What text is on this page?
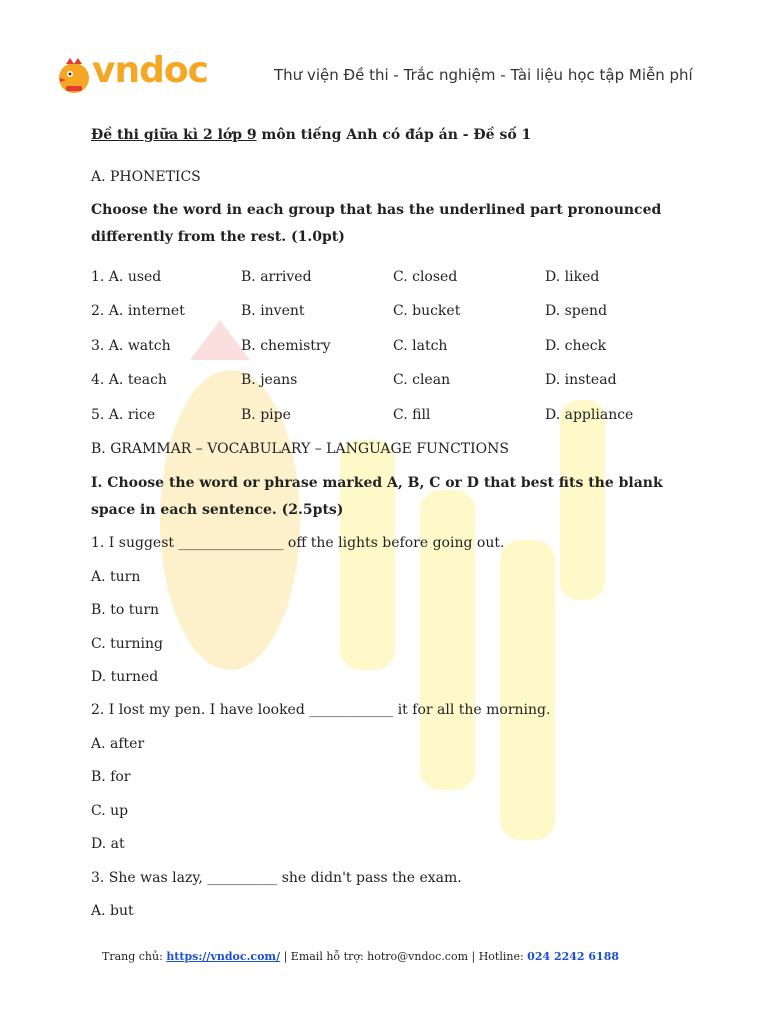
vndoc	Thư viện Đề thi - Trắc nghiệm - Tài liệu học tập Miễn phí
Đề thi giữa kì 2 lớp 9 môn tiếng Anh có đáp án - Đề số 1
A. PHONETICS
Choose the word in each group that has the underlined part pronounced differently from the rest. (1.0pt)
1. A. used	B. arrived	C. closed	D. liked
2. A. internet	B. invent	C. bucket	D. spend
3. A. watch	B. chemistry	C. latch	D. check
4. A. teach	B. jeans	C. clean	D. instead
5. A. rice	B. pipe	C. fill	D. appliance
B. GRAMMAR – VOCABULARY – LANGUAGE FUNCTIONS
I. Choose the word or phrase marked A, B, C or D that best fits the blank space in each sentence. (2.5pts)
1. I suggest _______________ off the lights before going out.
A. turn
B. to turn
C. turning
D. turned
2. I lost my pen. I have looked ____________ it for all the morning.
A. after
B. for
C. up
D. at
3. She was lazy, __________ she didn't pass the exam.
A. but
Trang chủ: https://vndoc.com/ | Email hỗ trợ: hotro@vndoc.com | Hotline: 024 2242 6188
